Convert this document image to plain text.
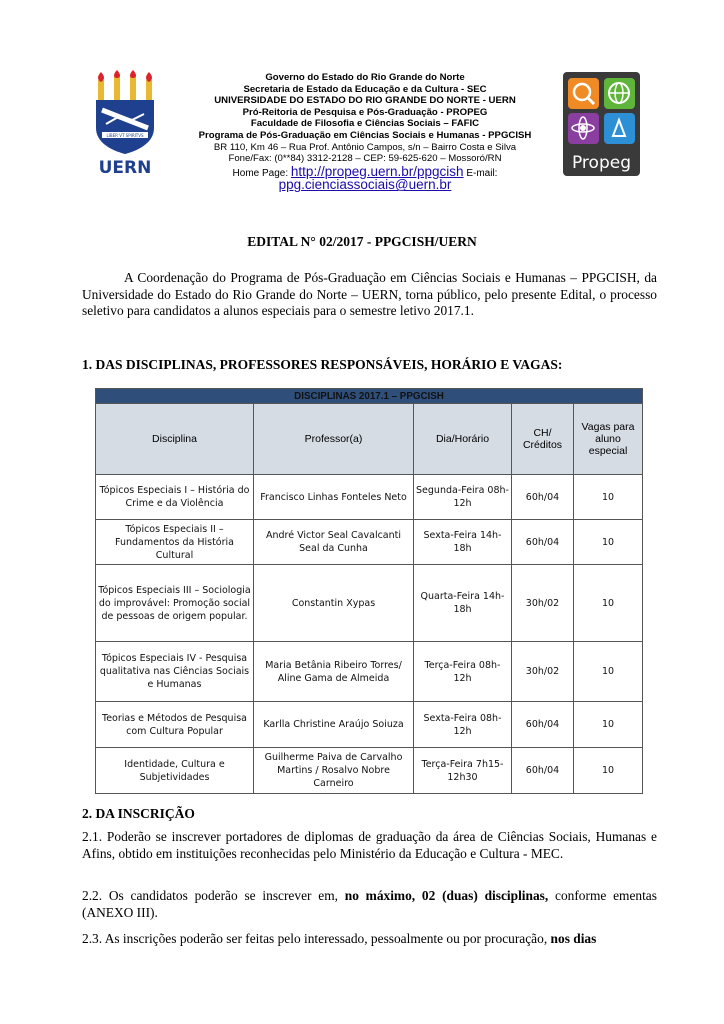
LIBER VT SPIRITVS
UERN
Governo do Estado do Rio Grande do Norte
Secretaria de Estado da Educação e da Cultura - SEC
UNIVERSIDADE DO ESTADO DO RIO GRANDE DO NORTE - UERN
Pró-Reitoria de Pesquisa e Pós-Graduação - PROPEG
Faculdade de Filosofia e Ciências Sociais – FAFIC
Programa de Pós-Graduação em Ciências Sociais e Humanas - PPGCISH
BR 110, Km 46 – Rua Prof. Antônio Campos, s/n – Bairro Costa e Silva
Fone/Fax: (0**84) 3312-2128 – CEP: 59-625-620 – Mossoró/RN
Home Page: http://propeg.uern.br/ppgcish E-mail:
ppg.cienciassociais@uern.br
Propeg
EDITAL N° 02/2017 - PPGCISH/UERN

A Coordenação do Programa de Pós-Graduação em Ciências Sociais e Humanas – PPGCISH, da Universidade do Estado do Rio Grande do Norte – UERN, torna público, pelo presente Edital, o processo seletivo para candidatos a alunos especiais para o semestre letivo 2017.1.

1. DAS DISCIPLINAS, PROFESSORES RESPONSÁVEIS, HORÁRIO E VAGAS:
DISCIPLINAS 2017.1 – PPGCISH				
Disciplina	Professor(a)	Dia/Horário	CH/ Créditos	Vagas para aluno especial
Tópicos Especiais I – História do Crime e da Violência	Francisco Linhas Fonteles Neto	Segunda-Feira 08h-12h	60h/04	10
Tópicos Especiais II – Fundamentos da História Cultural	André Victor Seal Cavalcanti Seal da Cunha	Sexta-Feira 14h-18h	60h/04	10
Tópicos Especiais III – Sociologia do improvável: Promoção social de pessoas de origem popular.	Constantin Xypas	Quarta-Feira 14h-18h	30h/02	10
Tópicos Especiais IV - Pesquisa qualitativa nas Ciências Sociais e Humanas	Maria Betânia Ribeiro Torres/ Aline Gama de Almeida	Terça-Feira 08h-12h	30h/02	10
Teorias e Métodos de Pesquisa com Cultura Popular	Karlla Christine Araújo Soiuza	Sexta-Feira 08h-12h	60h/04	10
Identidade, Cultura e Subjetividades	Guilherme Paiva de Carvalho Martins / Rosalvo Nobre Carneiro	Terça-Feira 7h15- 12h30	60h/04	10
2. DA INSCRIÇÃO

2.1. Poderão se inscrever portadores de diplomas de graduação da área de Ciências Sociais, Humanas e Afins, obtido em instituições reconhecidas pelo Ministério da Educação e Cultura - MEC.

2.2. Os candidatos poderão se inscrever em, no máximo, 02 (duas) disciplinas, conforme ementas (ANEXO III).

2.3. As inscrições poderão ser feitas pelo interessado, pessoalmente ou por procuração, nos dias
